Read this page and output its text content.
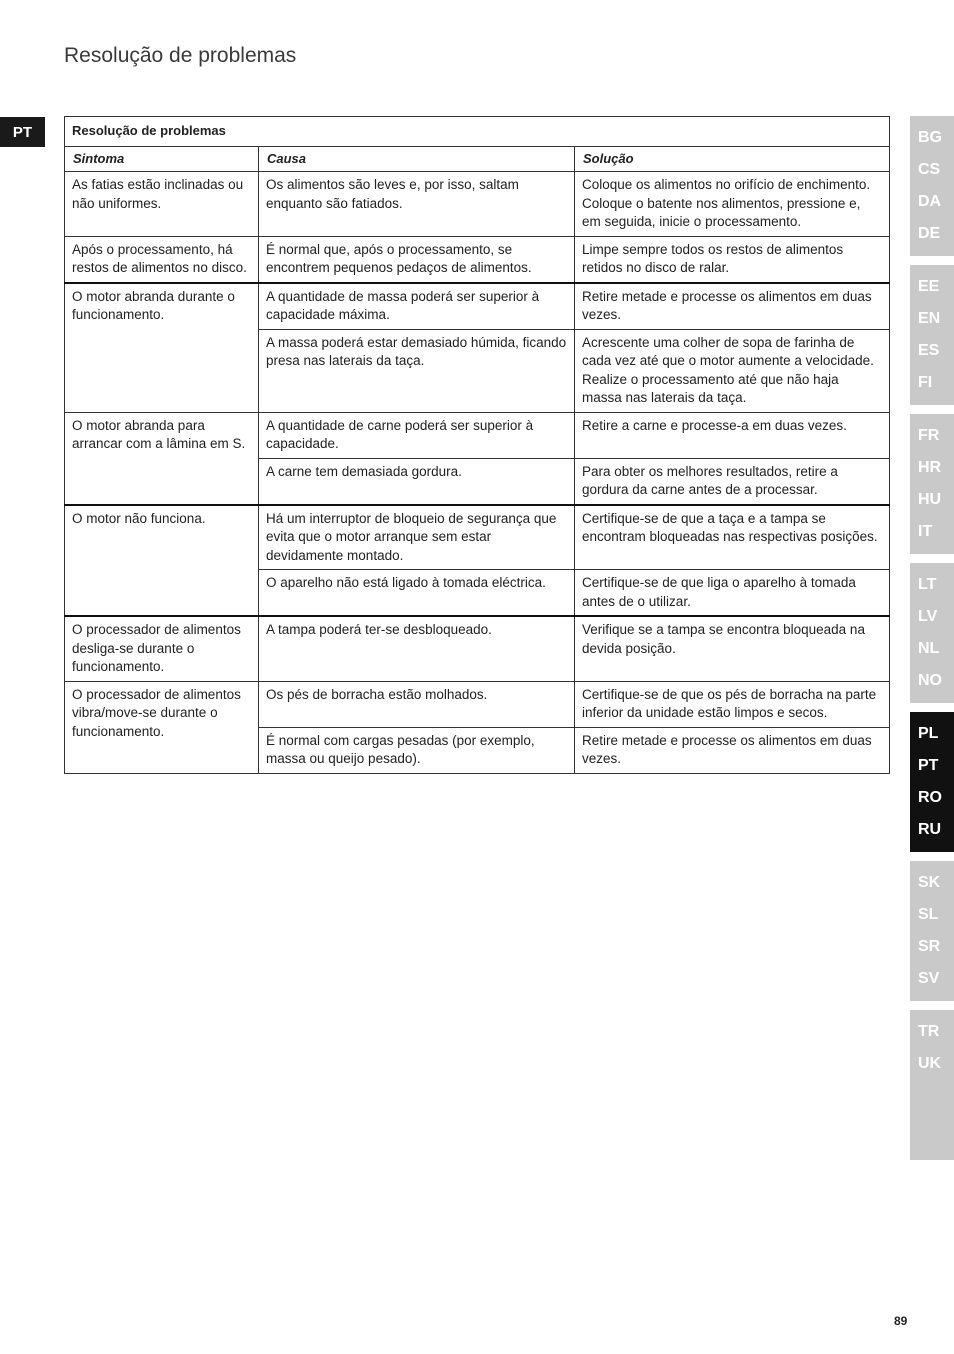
Resolução de problemas
PT	Resolução de problemas		
Sintoma	Causa	Solução
As fatias estão inclinadas ou não uniformes.	Os alimentos são leves e, por isso, saltam enquanto são fatiados.	Coloque os alimentos no orifício de enchimento. Coloque o batente nos alimentos, pressione e, em seguida, inicie o processamento.
Após o processamento, há restos de alimentos no disco.	É normal que, após o processamento, se encontrem pequenos pedaços de alimentos.	Limpe sempre todos os restos de alimentos retidos no disco de ralar.
O motor abranda durante o funcionamento.	A quantidade de massa poderá ser superior à capacidade máxima.	Retire metade e processe os alimentos em duas vezes.
	A massa poderá estar demasiado húmida, ficando presa nas laterais da taça.	Acrescente uma colher de sopa de farinha de cada vez até que o motor aumente a velocidade. Realize o processamento até que não haja massa nas laterais da taça.
O motor abranda para arrancar com a lâmina em S.	A quantidade de carne poderá ser superior à capacidade.	Retire a carne e processe-a em duas vezes.
	A carne tem demasiada gordura.	Para obter os melhores resultados, retire a gordura da carne antes de a processar.
O motor não funciona.	Há um interruptor de bloqueio de segurança que evita que o motor arranque sem estar devidamente montado.	Certifique-se de que a taça e a tampa se encontram bloqueadas nas respectivas posições.
	O aparelho não está ligado à tomada eléctrica.	Certifique-se de que liga o aparelho à tomada antes de o utilizar.
O processador de alimentos desliga-se durante o funcionamento.	A tampa poderá ter-se desbloqueado.	Verifique se a tampa se encontra bloqueada na devida posição.
O processador de alimentos vibra/move-se durante o funcionamento.	Os pés de borracha estão molhados.	Certifique-se de que os pés de borracha na parte inferior da unidade estão limpos e secos.
	É normal com cargas pesadas (por exemplo, massa ou queijo pesado).	Retire metade e processe os alimentos em duas vezes.
BG
CS
DA
DE
EE
EN
ES
FI
FR
HR
HU
IT
LT
LV
NL
NO
PL
PT
RO
RU
SK
SL
SR
SV
TR
UK
89
